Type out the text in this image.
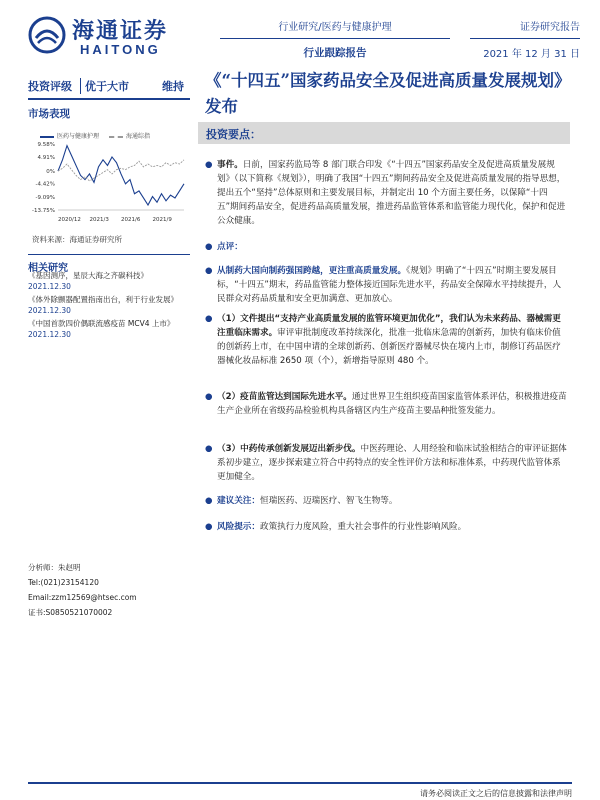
海通证券
HAITONG
行业研究/医药与健康护理
行业跟踪报告
证券研究报告
2021 年 12 月 31 日
投资评级	优于大市	维持
市场表现
医药与健康护理	海通综指
9.58%
4.91%
0%
-4.42%
-9.09%
-13.75%
2020/12 2021/3 2021/6 2021/9
资料来源：海通证券研究所
相关研究
《基因测序，星辰大海之齐碳科技》
2021.12.30
《体外除颤器配置指南出台，利于行业发展》
2021.12.30
《中国首款四价偶联流感疫苗 MCV4 上市》
2021.12.30
分析师：朱赵明
Tel:(021)23154120
Email:zzm12569@htsec.com
证书:S0850521070002
《“十四五”国家药品安全及促进高质量发展规划》发布
投资要点：
● 事件。日前，国家药监局等 8 部门联合印发《“十四五”国家药品安全及促进高质量发展规划》（以下简称《规划》），明确了我国“十四五”期间药品安全及促进高质量发展的指导思想，提出五个“坚持”总体原则和主要发展目标，并制定出 10 个方面主要任务，以保障“十四五”期间药品安全，促进药品高质量发展，推进药品监管体系和监管能力现代化，保护和促进公众健康。
● 点评：
● 从制药大国向制药强国跨越，更注重高质量发展。《规划》明确了“十四五”时期主要发展目标，“十四五”期末，药品监管能力整体接近国际先进水平，药品安全保障水平持续提升，人民群众对药品质量和安全更加满意、更加放心。
● （1）文件提出“支持产业高质量发展的监管环境更加优化”，我们认为未来药品、器械需更注重临床需求。审评审批制度改革持续深化，批准一批临床急需的创新药，加快有临床价值的创新药上市，在中国申请的全球创新药、创新医疗器械尽快在境内上市，制修订药品医疗器械化妆品标准 2650 项（个），新增指导原则 480 个。
● （2）疫苗监管达到国际先进水平。通过世界卫生组织疫苗国家监管体系评估，积极推进疫苗生产企业所在省级药品检验机构具备辖区内生产疫苗主要品种批签发能力。
● （3）中药传承创新发展迈出新步伐。中医药理论、人用经验和临床试验相结合的审评证据体系初步建立，逐步探索建立符合中药特点的安全性评价方法和标准体系，中药现代监管体系更加健全。
● 建议关注：恒瑞医药、迈瑞医疗、智飞生物等。
● 风险提示：政策执行力度风险，重大社会事件的行业性影响风险。
请务必阅读正文之后的信息披露和法律声明
